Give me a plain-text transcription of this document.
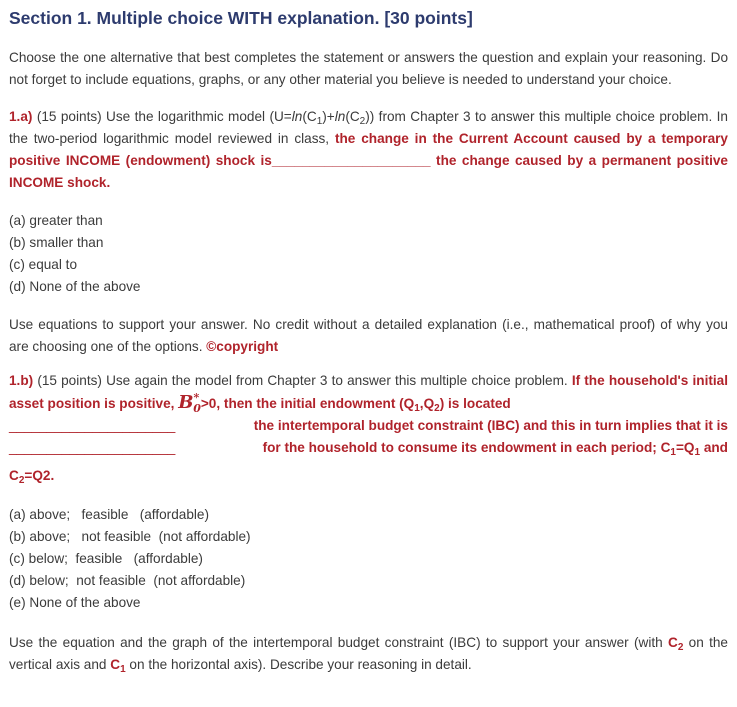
Section 1. Multiple choice WITH explanation. [30 points]

Choose the one alternative that best completes the statement or answers the question and explain your reasoning. Do not forget to include equations, graphs, or any other material you believe is needed to understand your choice.

1.a) (15 points) Use the logarithmic model $(U=\ln(C_1)+\ln(C_2))$ from Chapter 3 to answer this multiple choice problem. In the two-period logarithmic model reviewed in class, the change in the Current Account caused by a temporary positive INCOME (endowment) shock is_____________________ the change caused by a permanent positive INCOME shock.

(a) greater than
(b) smaller than
(c) equal to
(d) None of the above

Use equations to support your answer. No credit without a detailed explanation (i.e., mathematical proof) of why you are choosing one of the options. ©copyright

1.b) (15 points) Use again the model from Chapter 3 to answer this multiple choice problem. If the household's initial asset position is positive, $B^*_0>0$, then the initial endowment $(Q_1,Q_2)$ is located

______________________	the intertemporal budget constraint (IBC) and this in turn implies that it is
______________________	for the household to consume its endowment in each period; $C_1=Q_1$ and

$C_2=Q2$.

(a) above;   feasible   (affordable)
(b) above;   not feasible  (not affordable)
(c) below;  feasible   (affordable)
(d) below;  not feasible  (not affordable)
(e) None of the above

Use the equation and the graph of the intertemporal budget constraint (IBC) to support your answer (with $C_2$ on the vertical axis and $C_1$ on the horizontal axis). Describe your reasoning in detail.
